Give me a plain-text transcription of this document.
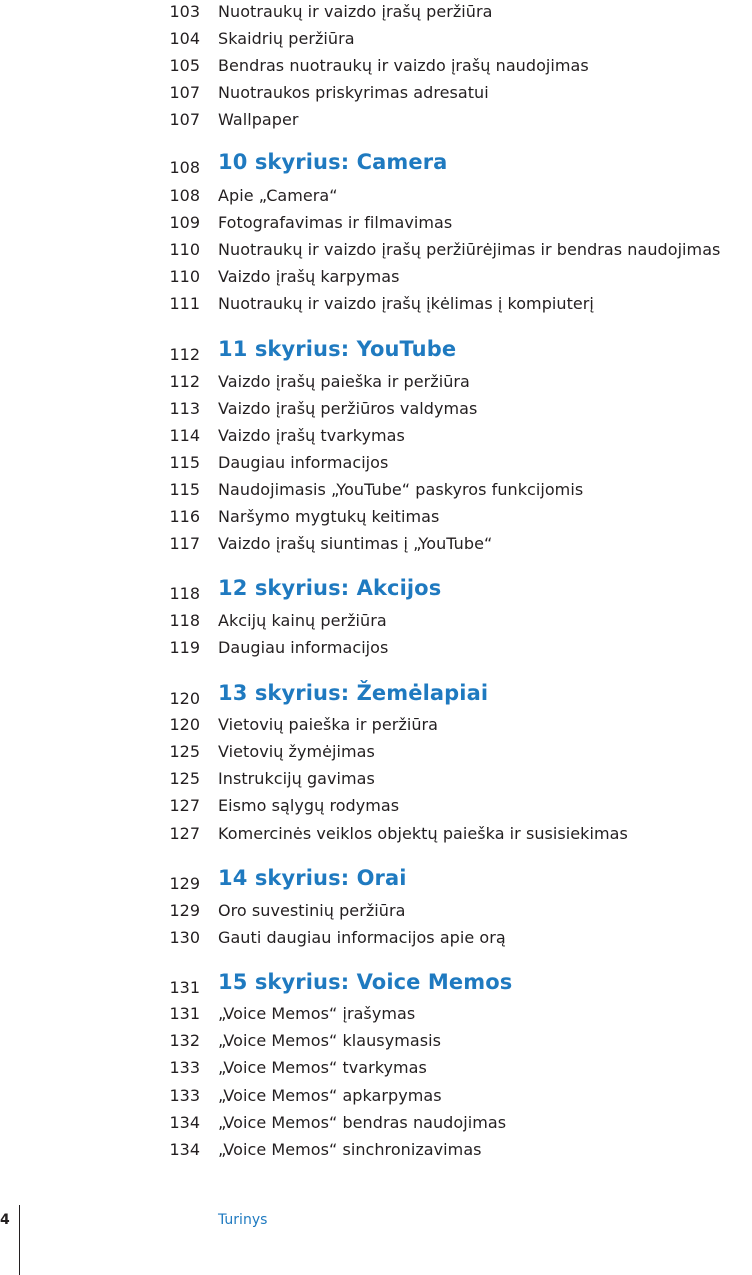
103 Nuotraukų ir vaizdo įrašų peržiūra
104 Skaidrių peržiūra
105 Bendras nuotraukų ir vaizdo įrašų naudojimas
107 Nuotraukos priskyrimas adresatui
107 Wallpaper
108 10 skyrius: Camera
108 Apie „Camera“
109 Fotografavimas ir filmavimas
110 Nuotraukų ir vaizdo įrašų peržiūrėjimas ir bendras naudojimas
110 Vaizdo įrašų karpymas
111 Nuotraukų ir vaizdo įrašų įkėlimas į kompiuterį
112 11 skyrius: YouTube
112 Vaizdo įrašų paieška ir peržiūra
113 Vaizdo įrašų peržiūros valdymas
114 Vaizdo įrašų tvarkymas
115 Daugiau informacijos
115 Naudojimasis „YouTube“ paskyros funkcijomis
116 Naršymo mygtukų keitimas
117 Vaizdo įrašų siuntimas į „YouTube“
118 12 skyrius: Akcijos
118 Akcijų kainų peržiūra
119 Daugiau informacijos
120 13 skyrius: Žemėlapiai
120 Vietovių paieška ir peržiūra
125 Vietovių žymėjimas
125 Instrukcijų gavimas
127 Eismo sąlygų rodymas
127 Komercinės veiklos objektų paieška ir susisiekimas
129 14 skyrius: Orai
129 Oro suvestinių peržiūra
130 Gauti daugiau informacijos apie orą
131 15 skyrius: Voice Memos
131 „Voice Memos“ įrašymas
132 „Voice Memos“ klausymasis
133 „Voice Memos“ tvarkymas
133 „Voice Memos“ apkarpymas
134 „Voice Memos“ bendras naudojimas
134 „Voice Memos“ sinchronizavimas
4	Turinys
